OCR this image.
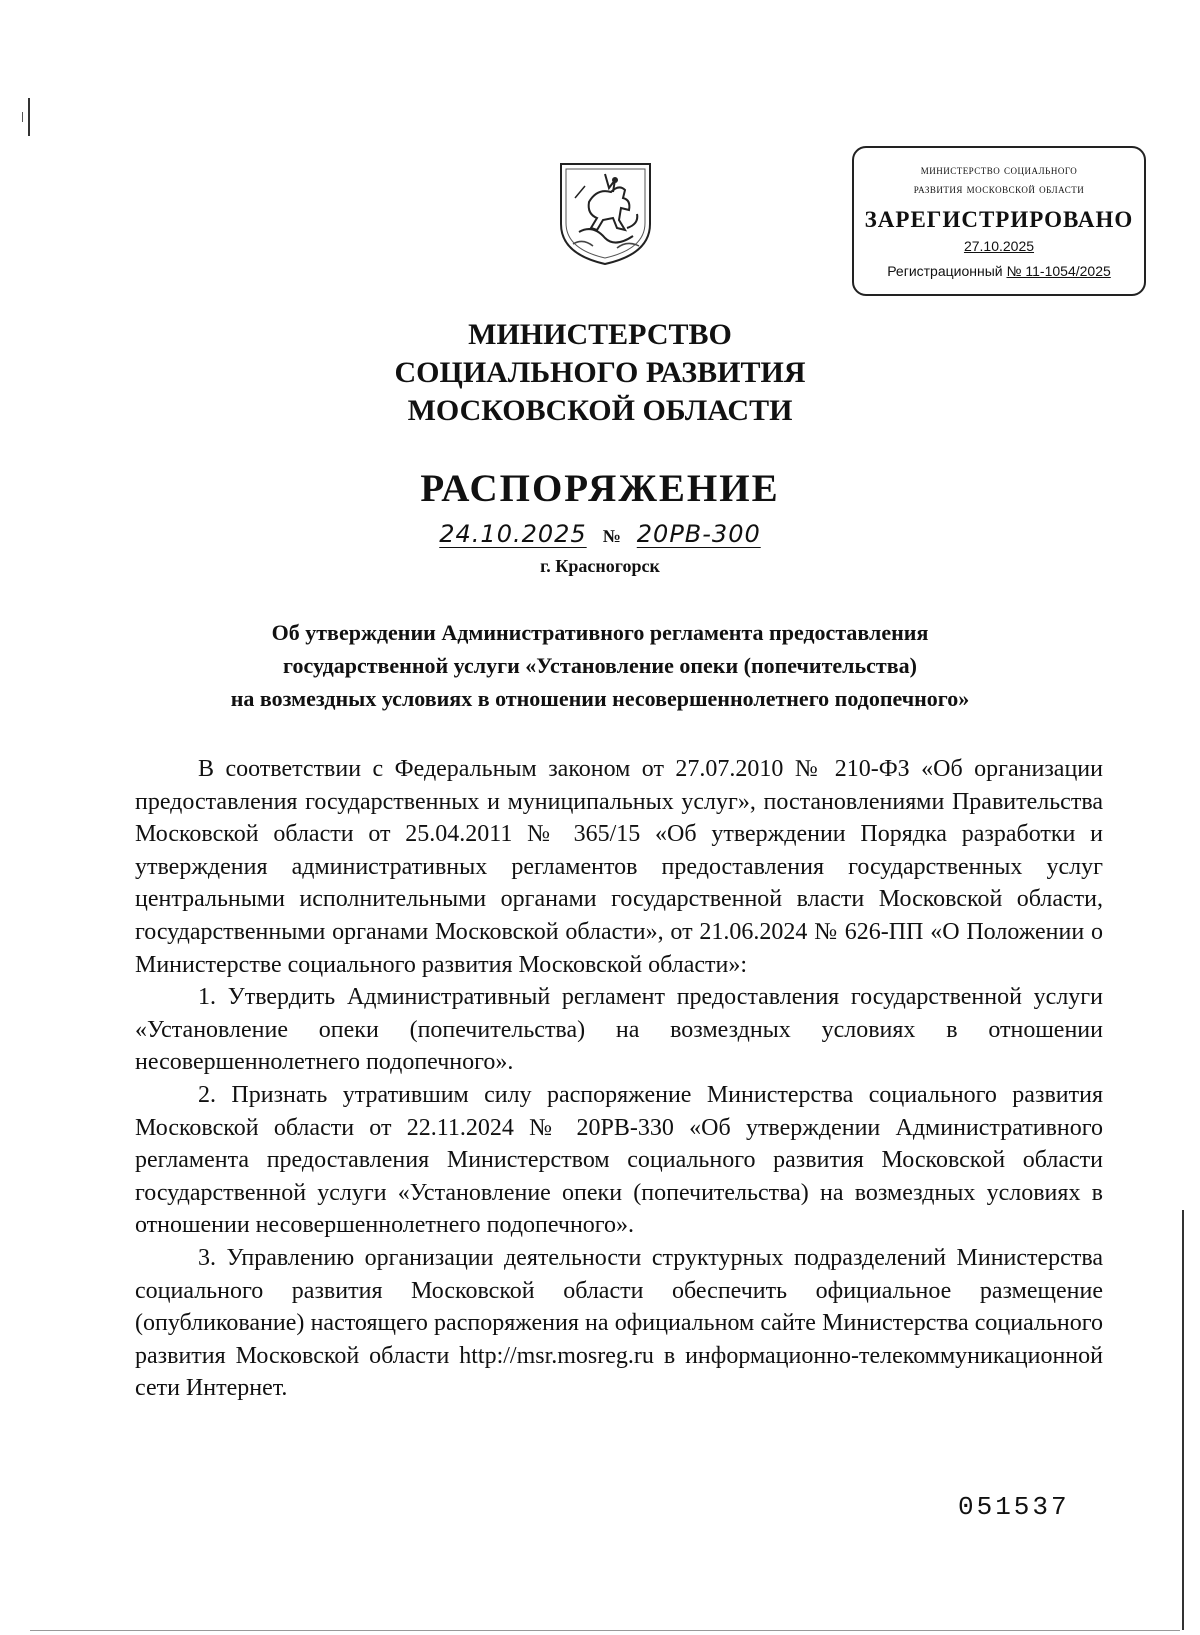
министерство социального
развития московской области
ЗАРЕГИСТРИРОВАНО
27.10.2025
Регистрационный № 11-1054/2025
МИНИСТЕРСТВО
СОЦИАЛЬНОГО РАЗВИТИЯ
МОСКОВСКОЙ ОБЛАСТИ
РАСПОРЯЖЕНИЕ
24.10.2025 № 20РВ-300
г. Красногорск
Об утверждении Административного регламента предоставления
государственной услуги «Установление опеки (попечительства)
на возмездных условиях в отношении несовершеннолетнего подопечного»

В соответствии с Федеральным законом от 27.07.2010 № 210-ФЗ «Об организации предоставления государственных и муниципальных услуг», постановлениями Правительства Московской области от 25.04.2011 № 365/15 «Об утверждении Порядка разработки и утверждения административных регламентов предоставления государственных услуг центральными исполнительными органами государственной власти Московской области, государственными органами Московской области», от 21.06.2024 № 626-ПП «О Положении о Министерстве социального развития Московской области»:

1. Утвердить Административный регламент предоставления государственной услуги «Установление опеки (попечительства) на возмездных условиях в отношении несовершеннолетнего подопечного».

2. Признать утратившим силу распоряжение Министерства социального развития Московской области от 22.11.2024 № 20РВ-330 «Об утверждении Административного регламента предоставления Министерством социального развития Московской области государственной услуги «Установление опеки (попечительства) на возмездных условиях в отношении несовершеннолетнего подопечного».

3. Управлению организации деятельности структурных подразделений Министерства социального развития Московской области обеспечить официальное размещение (опубликование) настоящего распоряжения на официальном сайте Министерства социального развития Московской области http://msr.mosreg.ru в информационно-телекоммуникационной сети Интернет.

051537
